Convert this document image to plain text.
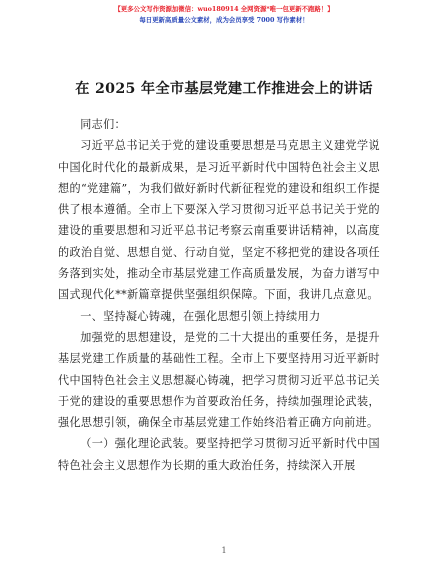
【更多公文写作资源加微信：wuo180914 全网资源*唯一包更新不跑路！】
每日更新高质量公文素材，成为会员享受 7000 写作素材！
在 2025 年全市基层党建工作推进会上的讲话

同志们：

习近平总书记关于党的建设重要思想是马克思主义建党学说中国化时代化的最新成果，是习近平新时代中国特色社会主义思想的“党建篇”，为我们做好新时代新征程党的建设和组织工作提供了根本遵循。全市上下要深入学习贯彻习近平总书记关于党的建设的重要思想和习近平总书记考察云南重要讲话精神，以高度的政治自觉、思想自觉、行动自觉，坚定不移把党的建设各项任务落到实处，推动全市基层党建工作高质量发展，为奋力谱写中国式现代化**新篇章提供坚强组织保障。下面，我讲几点意见。

一、坚持凝心铸魂，在强化思想引领上持续用力

加强党的思想建设，是党的二十大提出的重要任务，是提升基层党建工作质量的基础性工程。全市上下要坚持用习近平新时代中国特色社会主义思想凝心铸魂，把学习贯彻习近平总书记关于党的建设的重要思想作为首要政治任务，持续加强理论武装，强化思想引领，确保全市基层党建工作始终沿着正确方向前进。

（一）强化理论武装。要坚持把学习贯彻习近平新时代中国特色社会主义思想作为长期的重大政治任务，持续深入开展

1
